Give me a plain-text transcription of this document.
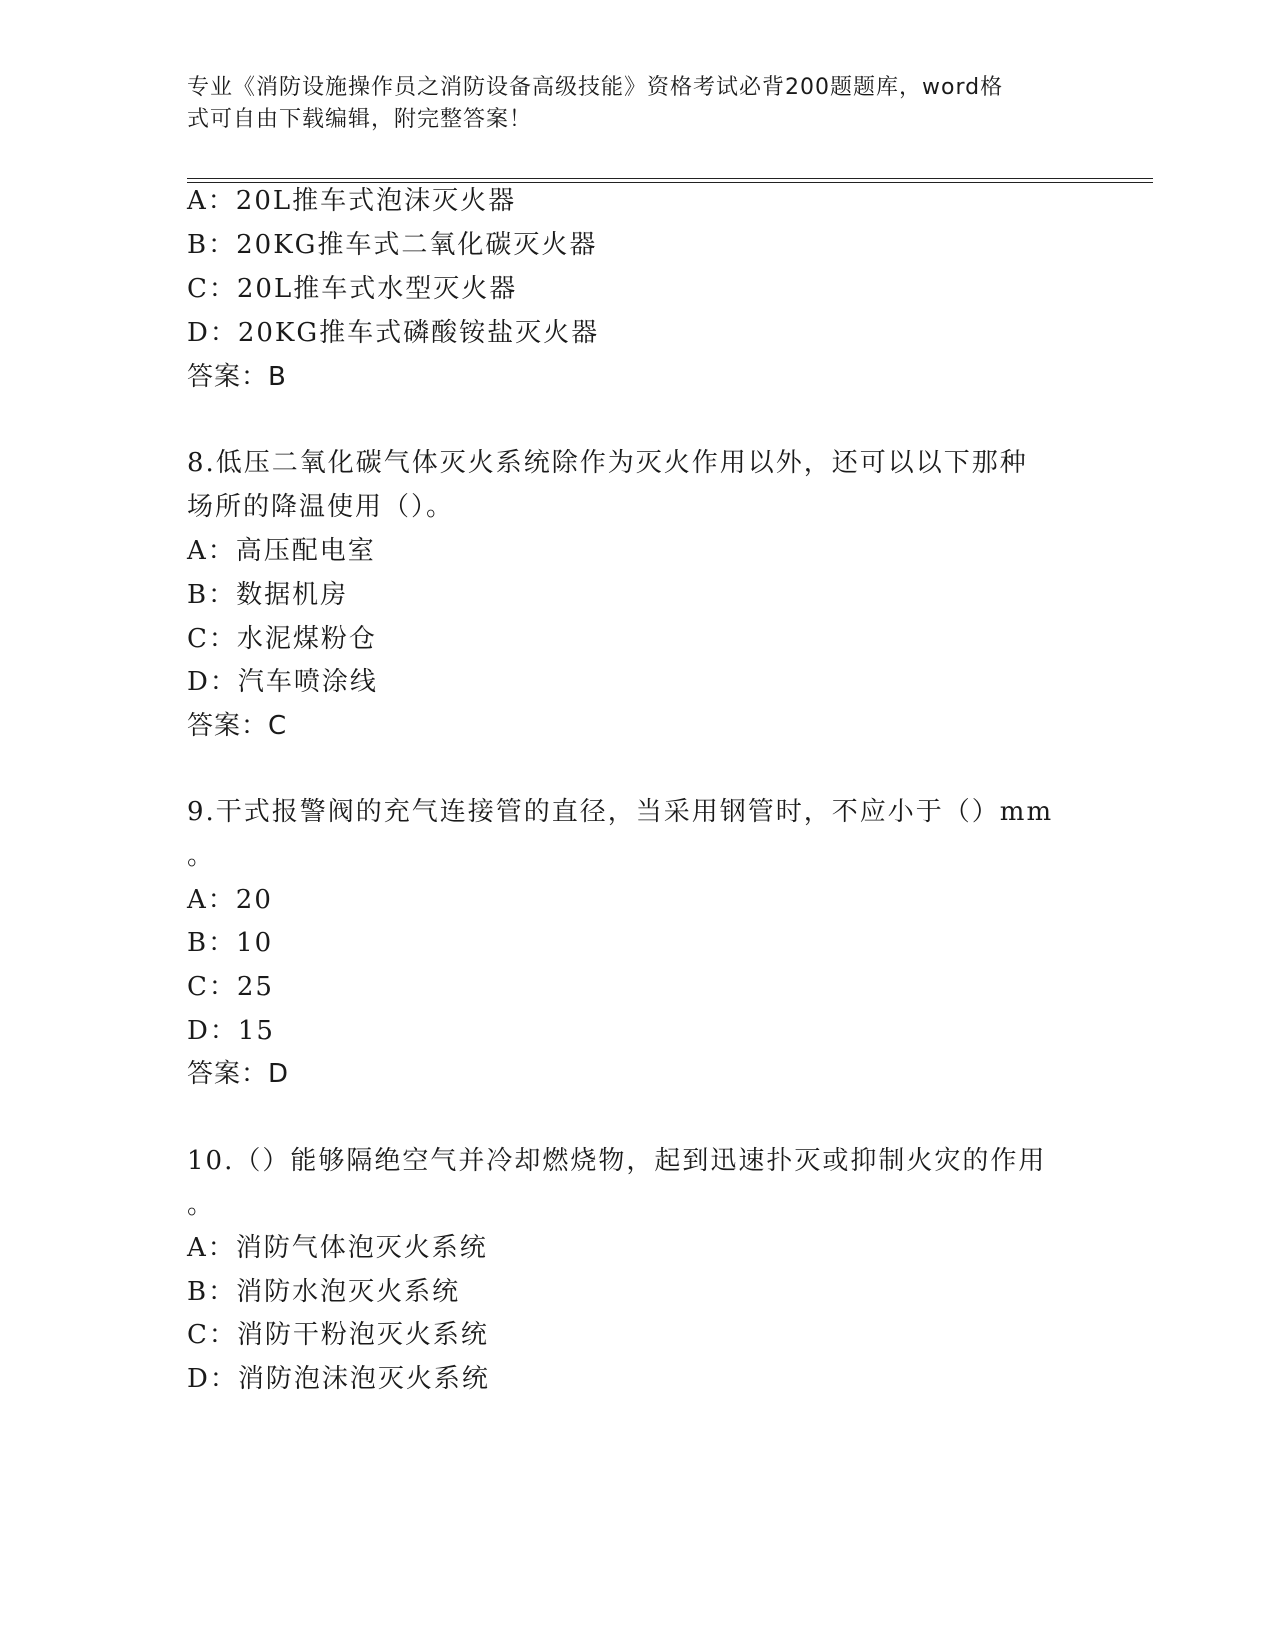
专业《消防设施操作员之消防设备高级技能》资格考试必背200题题库，word格
式可自由下载编辑，附完整答案！
A：20L推车式泡沫灭火器
B：20KG推车式二氧化碳灭火器
C：20L推车式水型灭火器
D：20KG推车式磷酸铵盐灭火器
答案：B
8.低压二氧化碳气体灭火系统除作为灭火作用以外，还可以以下那种
场所的降温使用（）。
A：高压配电室
B：数据机房
C：水泥煤粉仓
D：汽车喷涂线
答案：C
9.干式报警阀的充气连接管的直径，当采用钢管时，不应小于（）mm
。
A：20
B：10
C：25
D：15
答案：D
10.（）能够隔绝空气并冷却燃烧物，起到迅速扑灭或抑制火灾的作用
。
A：消防气体泡灭火系统
B：消防水泡灭火系统
C：消防干粉泡灭火系统
D：消防泡沫泡灭火系统
